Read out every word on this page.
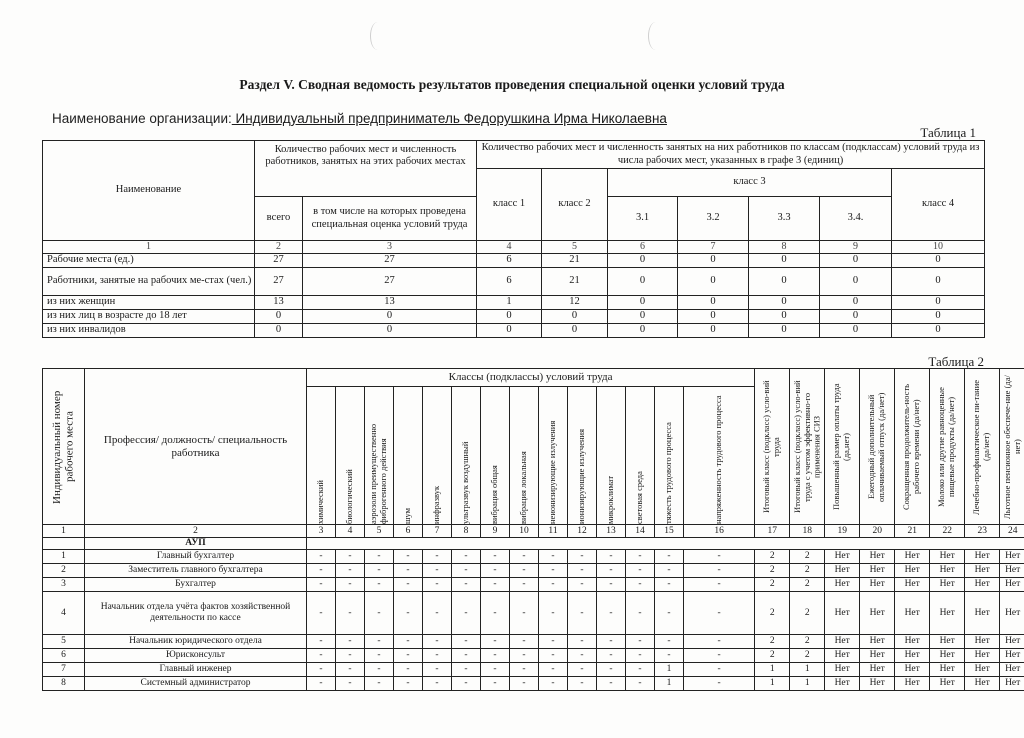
Раздел V. Сводная ведомость результатов проведения специальной оценки условий труда
Наименование организации: Индивидуальный предприниматель Федорушкина Ирма Николаевна
Таблица 1
Наименование	Количество рабочих мест и численность работников, занятых на этих рабочих местах		Количество рабочих мест и численность занятых на них работников по классам (подклассам) условий труда из числа рабочих мест, указанных в графе 3 (единиц)						
			класс 1	класс 2	класс 3				класс 4
	всего	в том числе на которых проведена специальная оценка условий труда			3.1	3.2	3.3	3.4.	
1	2	3	4	5	6	7	8	9	10
Рабочие места (ед.)	27	27	6	21	0	0	0	0	0
Работники, занятые на рабочих ме-стах (чел.)	27	27	6	21	0	0	0	0	0
из них женщин	13	13	1	12	0	0	0	0	0
из них лиц в возрасте до 18 лет	0	0	0	0	0	0	0	0	0
из них инвалидов	0	0	0	0	0	0	0	0	0
Таблица 2
Индивидуальный номер рабочего места	Профессия/ должность/ специальность работника	Классы (подклассы) условий труда														Итоговый класс (подкласс) усло-вий труда	Итоговый класс (подкласс) усло-вий труда с учетом эффективно-го применения СИЗ	Повышенный размер оплаты труда (да,нет)	Ежегодный дополнительный оплачиваемый отпуск (да/нет)	Сокращенная продолжитель-ность рабочего времени (да/нет)	Молоко или другие равноценные пищевые продукты (да/нет)	Лечебно-профилактическое пи-тание (да/нет)	Льготное пенсионное обеспече-ние (да/нет)

		химический	биологический	аэрозоли преимущественно фиброгенного действия	шум	инфразвук	ультразвук воздушный	вибрация общая	вибрация локальная	неионизирующие излучения	ионизирующие излучения	микроклимат	световая среда	тяжесть трудового процесса	напряженность трудового процесса								

1	2	3	4	5	6	7	8	9	10	11	12	13	14	15	16	17	18	19	20	21	22	23	24
	АУП																						
1	Главный бухгалтер	-	-	-	-	-	-	-	-	-	-	-	-	-	-	2	2	Нет	Нет	Нет	Нет	Нет	Нет
2	Заместитель главного бухгалтера	-	-	-	-	-	-	-	-	-	-	-	-	-	-	2	2	Нет	Нет	Нет	Нет	Нет	Нет
3	Бухгалтер	-	-	-	-	-	-	-	-	-	-	-	-	-	-	2	2	Нет	Нет	Нет	Нет	Нет	Нет
4	Начальник отдела учёта фактов хозяйственной деятельности по кассе	-	-	-	-	-	-	-	-	-	-	-	-	-	-	2	2	Нет	Нет	Нет	Нет	Нет	Нет
5	Начальник юридического отдела	-	-	-	-	-	-	-	-	-	-	-	-	-	-	2	2	Нет	Нет	Нет	Нет	Нет	Нет
6	Юрисконсульт	-	-	-	-	-	-	-	-	-	-	-	-	-	-	2	2	Нет	Нет	Нет	Нет	Нет	Нет
7	Главный инженер	-	-	-	-	-	-	-	-	-	-	-	-	1	-	1	1	Нет	Нет	Нет	Нет	Нет	Нет
8	Системный администратор	-	-	-	-	-	-	-	-	-	-	-	-	1	-	1	1	Нет	Нет	Нет	Нет	Нет	Нет
